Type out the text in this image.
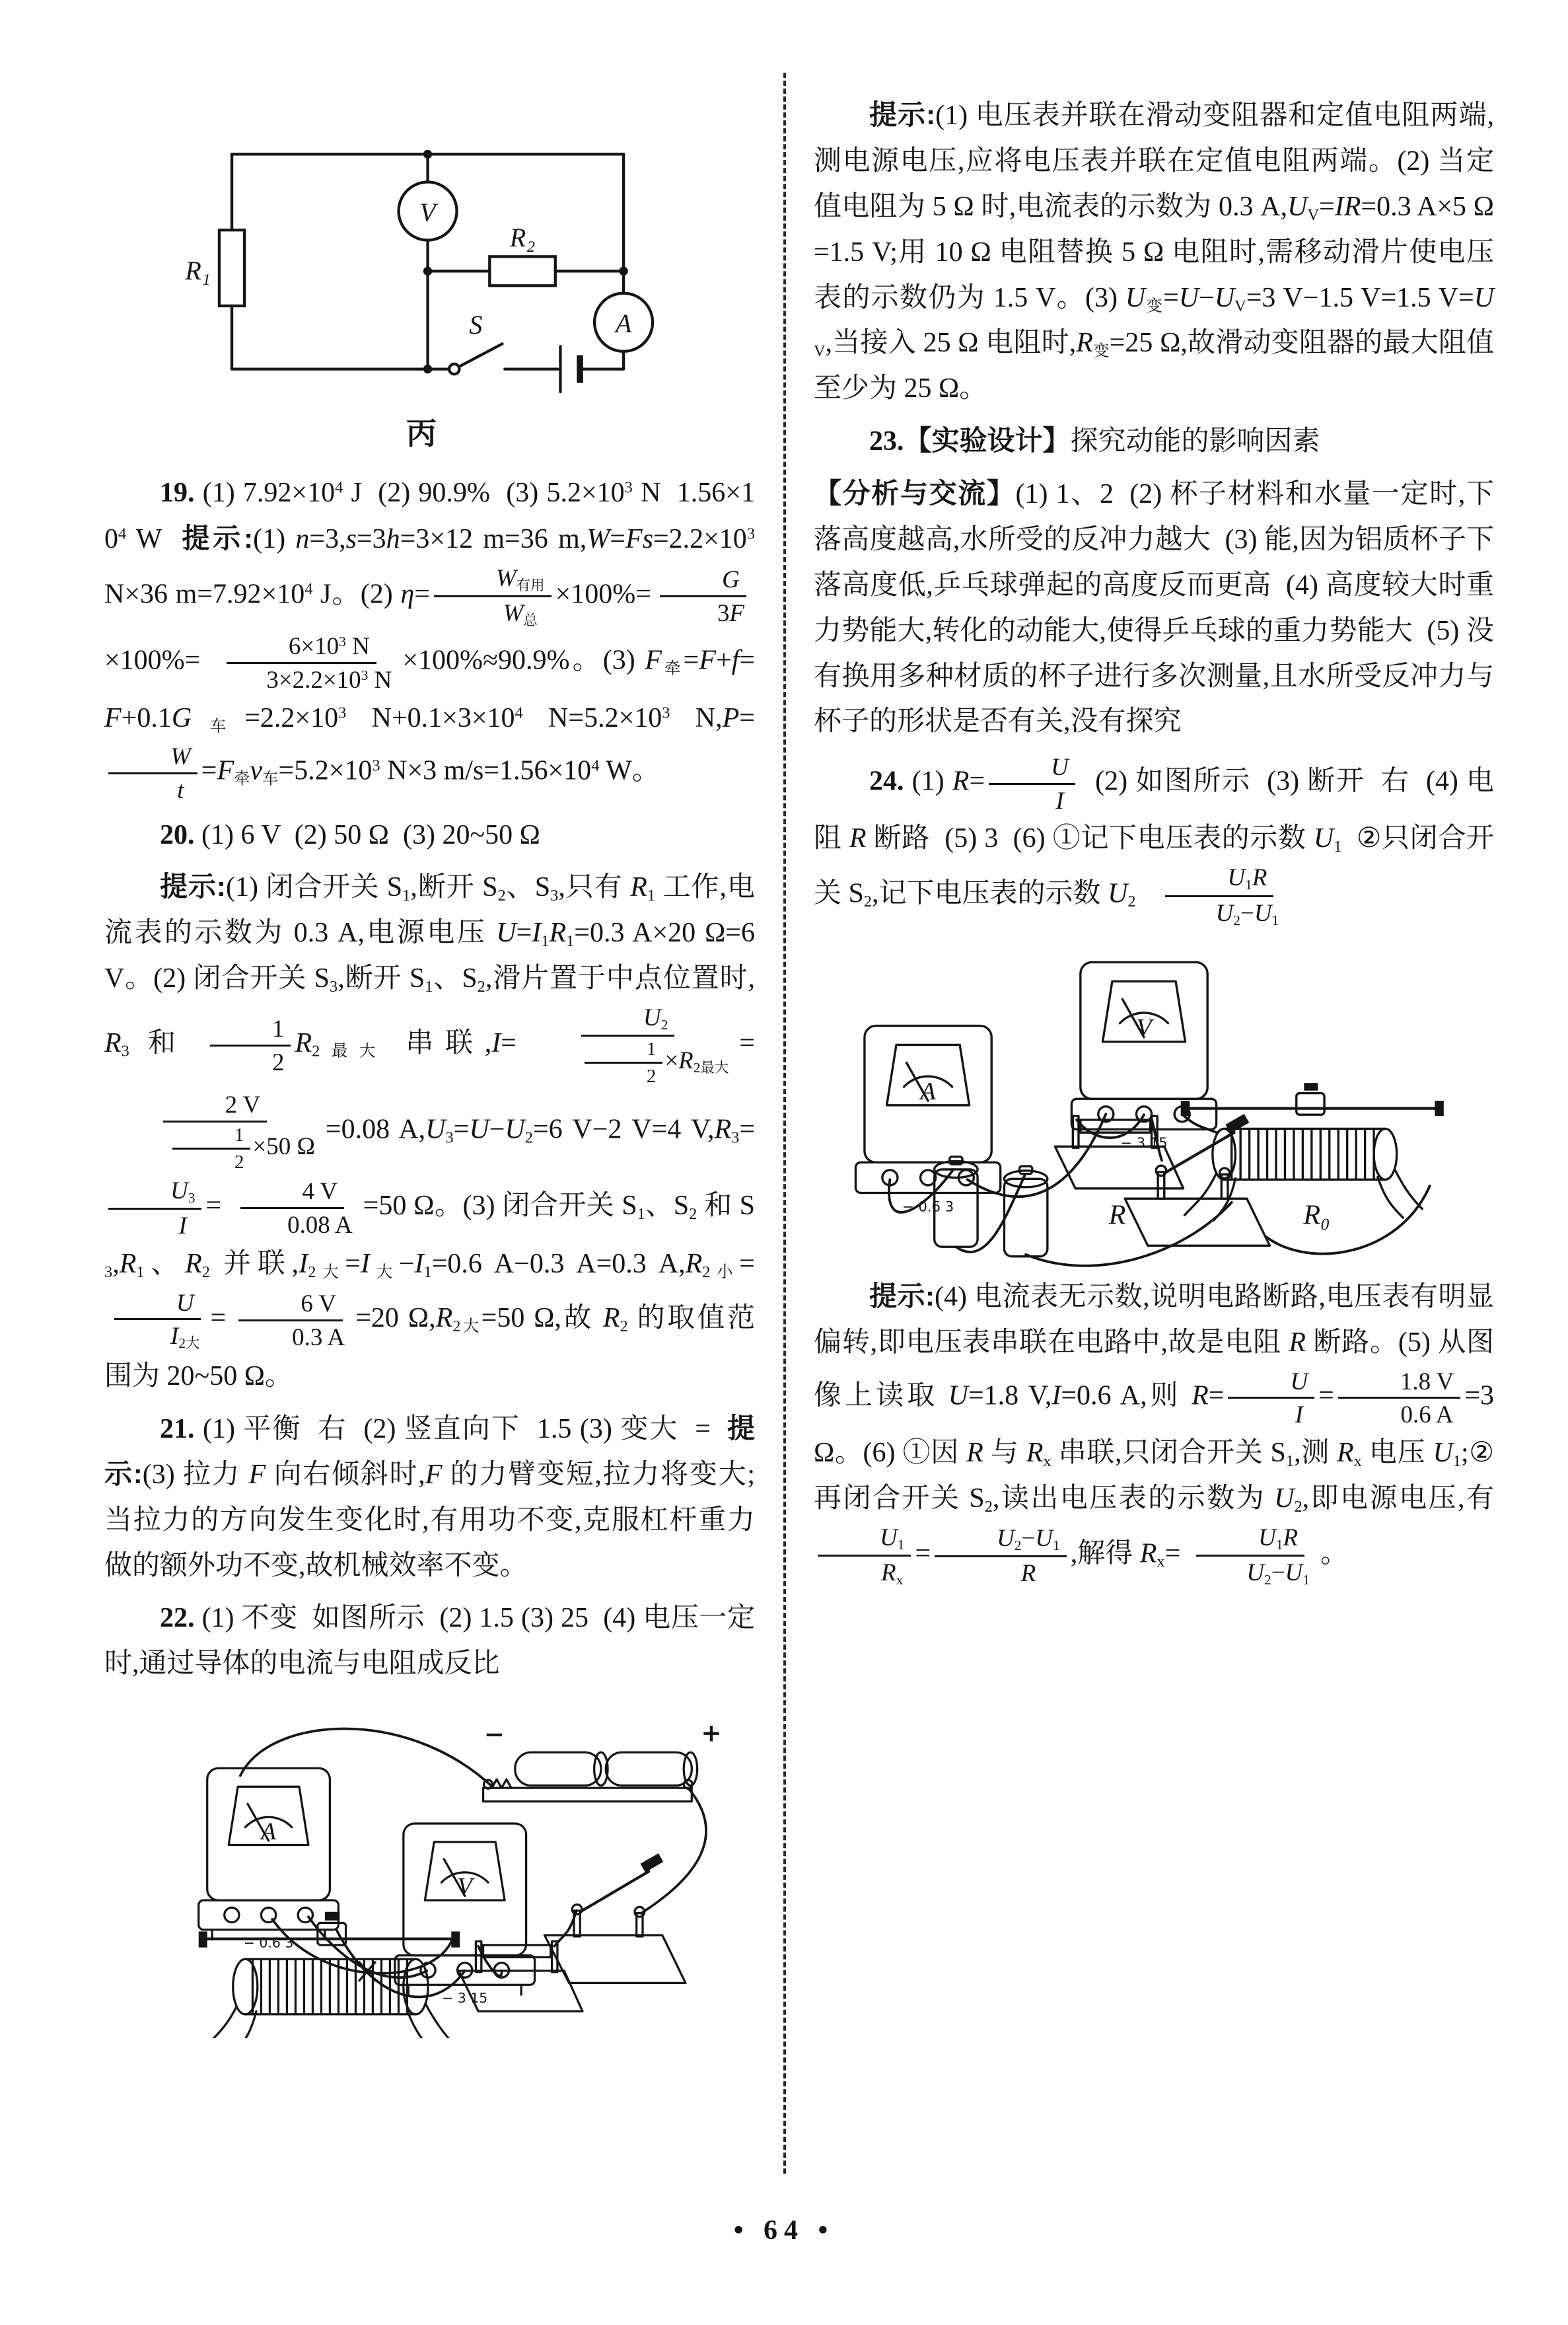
R₁
V
R₂
A
S
丙

19. (1) $7.92\times 10^4$ J  (2) 90.9%  (3) $5.2\times 10^3$ N  $1.56\times 10^4$ W  提示:(1) n=3,s=3h=3×12 m=36 $m,W=Fs=2.2\times 10^3$ N×36 $m=7.92\times 10^4$ J。(2) $\eta= \frac{\text{W有用}}{\text{W总}} \times 100\%= \frac{G}{3F}$
$\times 100\%= \frac{6\times 10^3 N}{3\times 2.2\times 10^3 N} \times 100\%\approx 90.9\%$。(3) F牵=F+f=F+0.1G车$=2.2\times 10^3$ $N+0.1\times 3\times 10^4$ $N=5.2\times 10^3$ N,P=
$\frac{W}{t} =F$牵v车$=5.2\times 10^3$ N×3 $m/s=1.56\times 10^4$ W。

20. (1) 6 V  (2) 50 Ω  (3) 20~50 Ω

提示:(1) 闭合开关 S1,断开 S2、S3,只有 R1 工作,电流表的示数为 0.3 A,电源电压 U=I1R1=0.3 A×20 Ω=6 V。(2) 闭合开关 S3,断开 S1、S2,滑片置于中点位置时,R3 和 $\frac{1}{2} R2$最大 串联$,I= \frac{U2}{\frac{1}{2} \times R2最大}$ =
$\frac{2 V}{\frac{1}{2} \times 50 \Omega} =0.08$ A,U3=U−U2=6 V−2 V=4 V,R3=
$\frac{U3}{I} = \frac{4 V}{0.08 A} =50$ Ω。(3) 闭合开关 S1、S2 和 S3,R1、R2 并联,I2大=I大−I1=0.6 A−0.3 A=0.3 A,R2小=
$\frac{U}{\text{I2大}} = \frac{6 V}{0.3 A} =20$ Ω,R2大=50 Ω,故 R2 的取值范围为 20~50 Ω。

21. (1) 平衡  右  (2) 竖直向下  1.5 (3) 变大  =  提示:(3) 拉力 F 向右倾斜时,F 的力臂变短,拉力将变大;当拉力的方向发生变化时,有用功不变,克服杠杆重力做的额外功不变,故机械效率不变。

22. (1) 不变  如图所示  (2) 1.5 (3) 25  (4) 电压一定时,通过导体的电流与电阻成反比

A
− 0.6 3
V
− 3 15
−	+

提示:(1) 电压表并联在滑动变阻器和定值电阻两端,测电源电压,应将电压表并联在定值电阻两端。(2) 当定值电阻为 5 Ω 时,电流表的示数为 0.3 A,UV=IR=0.3 A×5 Ω=1.5 V;用 10 Ω 电阻替换 5 Ω 电阻时,需移动滑片使电压表的示数仍为 1.5 V。(3) U变=U−UV=3 V−1.5 V=1.5 V=UV,当接入 25 Ω 电阻时,R变=25 Ω,故滑动变阻器的最大阻值至少为 25 Ω。

23.【实验设计】探究动能的影响因素

【分析与交流】(1) 1、2  (2) 杯子材料和水量一定时,下落高度越高,水所受的反冲力越大  (3) 能,因为铝质杯子下落高度低,乒乓球弹起的高度反而更高  (4) 高度较大时重力势能大,转化的动能大,使得乒乓球的重力势能大  (5) 没有换用多种材质的杯子进行多次测量,且水所受反冲力与杯子的形状是否有关,没有探究

24. (1) $R= \frac{U}{I} (2)$ 如图所示  (3) 断开  右  (4) 电阻 R 断路  (5) 3  (6) ①记下电压表的示数 U1  ②只闭合开关 S2,记下电压表的示数 $U2 \frac{U1R}{U2-U1}$

A
− 0.6 3
V
− 3 15
R	R₀

提示:(4) 电流表无示数,说明电路断路,电压表有明显偏转,即电压表串联在电路中,故是电阻 R 断路。(5) 从图像上读取 U=1.8 V,I=0.6 A,则 $R= \frac{U}{I} = \frac{1.8 V}{0.6 A} =3$ Ω。(6) ①因 R 与 Rx 串联,只闭合开关 S1,测 Rx 电压 U1;②再闭合开关 S2,读出电压表的示数为 U2,即电源电压,有
$\frac{U1}{Rx} = \frac{U2-U1}{R}$ ,解得 $Rx= \frac{U1R}{U2-U1}$ 。

• 64 •
